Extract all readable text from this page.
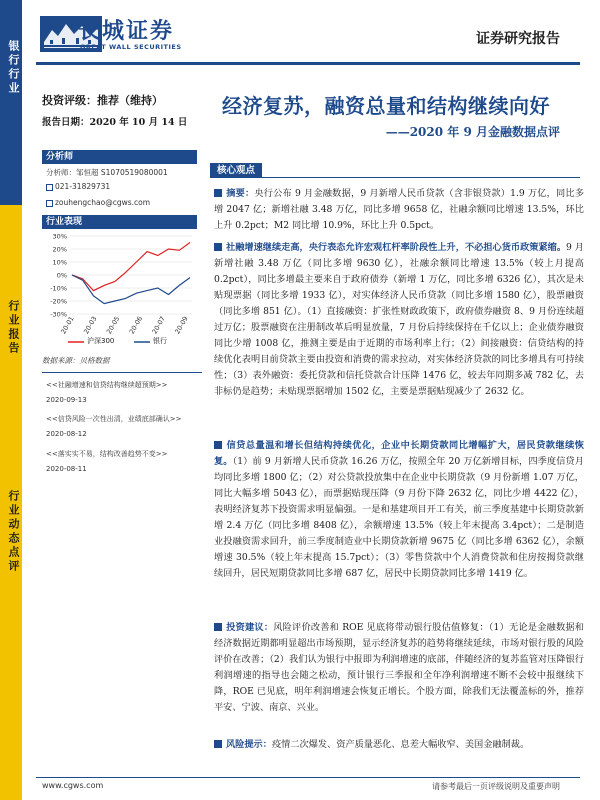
银行行业
行业报告
行业动态点评
长城证券
GREAT WALL SECURITIES	证券研究报告
投资评级：推荐（维持）
报告日期：2020 年 10 月 14 日
分析师
分析师：邹恒超 S1070519080001
021-31829731
zouhengchao@cgws.com
行业表现
30%
20%
10%
0%
-10%
-20%
-30%
20-01 20-03 20-05 20-06 20-07 20-09
沪深300	银行
数据来源：贝格数据
<<社融增速和信贷结构继续超预期>>
2020-09-13
<<信贷风险一次性出清，业绩底部确认>>
2020-08-12
<<落实实不易，结构改善趋势不变>>
2020-08-11
经济复苏，融资总量和结构继续向好
——2020 年 9 月金融数据点评
核心观点
摘要：央行公布 9 月金融数据，9 月新增人民币贷款（含非银贷款）1.9 万亿，同比多增 2047 亿；新增社融 3.48 万亿，同比多增 9658 亿，社融余额同比增速 13.5%，环比上升 0.2pct；M2 同比增 10.9%，环比上升 0.5pct。
社融增速继续走高，央行表态允许宏观杠杆率阶段性上升，不必担心货币政策紧缩。9 月新增社融 3.48 万亿（同比多增 9630 亿），社融余额同比增速 13.5%（较上月提高 0.2pct），同比多增最主要来自于政府债券（新增 1 万亿，同比多增 6326 亿），其次是未贴现票据（同比多增 1933 亿），对实体经济人民币贷款（同比多增 1580 亿），股票融资（同比多增 851 亿）。（1）直接融资：扩张性财政政策下，政府债券融资 8、9 月份连续超过万亿；股票融资在注册制改革后明显放量，7 月份后持续保持在千亿以上；企业债券融资同比少增 1008 亿，推测主要是由于近期的市场利率上行；（2）间接融资：信贷结构的持续优化表明目前贷款主要由投资和消费的需求拉动，对实体经济贷款的同比多增具有可持续性；（3）表外融资：委托贷款和信托贷款合计压降 1476 亿，较去年同期多减 782 亿，去非标仍是趋势；未贴现票据增加 1502 亿，主要是票据贴现减少了 2632 亿。
信贷总量温和增长但结构持续优化，企业中长期贷款同比增幅扩大，居民贷款继续恢复。（1）前 9 月新增人民币贷款 16.26 万亿，按照全年 20 万亿新增目标，四季度信贷月均同比多增 1800 亿；（2）对公贷款投放集中在企业中长期贷款（9 月份新增 1.07 万亿，同比大幅多增 5043 亿），而票据贴现压降（9 月份下降 2632 亿，同比少增 4422 亿），表明经济复苏下投资需求明显偏强。一是和基建项目开工有关，前三季度基建中长期贷款新增 2.4 万亿（同比多增 8408 亿），余额增速 13.5%（较上年末提高 3.4pct）；二是制造业投融资需求回升，前三季度制造业中长期贷款新增 9675 亿（同比多增 6362 亿），余额增速 30.5%（较上年末提高 15.7pct）；（3）零售贷款中个人消费贷款和住房按揭贷款继续回升，居民短期贷款同比多增 687 亿，居民中长期贷款同比多增 1419 亿。
投资建议：风险评价改善和 ROE 见底将带动银行股估值修复：（1）无论是金融数据和经济数据近期都明显超出市场预期，显示经济复苏的趋势将继续延续，市场对银行股的风险评价在改善；（2）我们认为银行中报即为利润增速的底部，伴随经济的复苏监管对压降银行利润增速的指导也会随之松动，预计银行三季报和全年净利润增速不断不会较中报继续下降，ROE 已见底，明年利润增速会恢复正增长。个股方面，除我们无法覆盖标的外，推荐平安、宁波、南京、兴业。
风险提示：疫情二次爆发、资产质量恶化、息差大幅收窄、美国金融制裁。
www.cgws.com	请参考最后一页评级说明及重要声明
